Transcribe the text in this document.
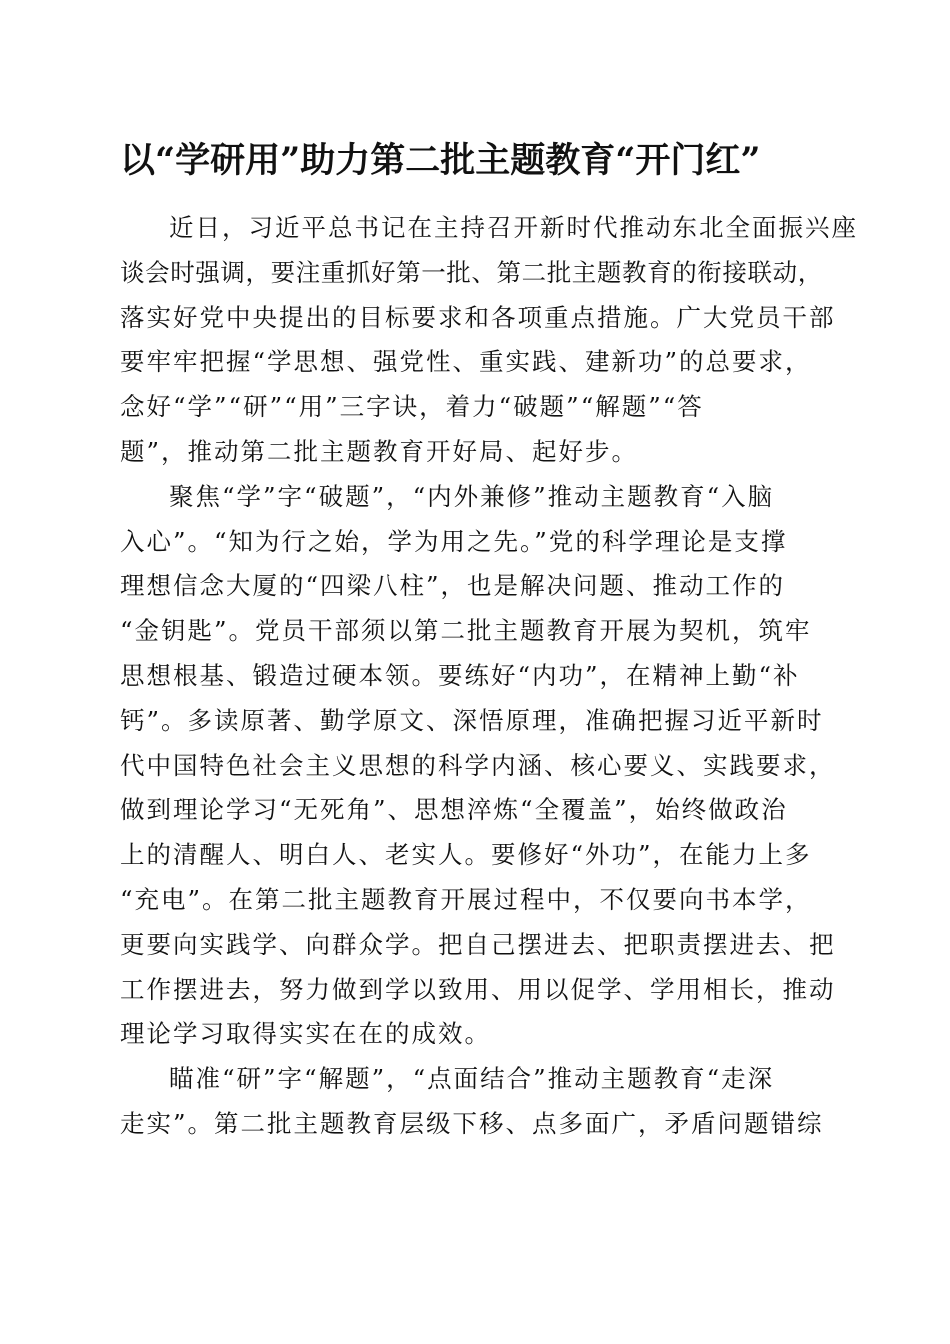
以“学研用”助力第二批主题教育“开门红”

近日，习近平总书记在主持召开新时代推动东北全面振兴座
谈会时强调，要注重抓好第一批、第二批主题教育的衔接联动，
落实好党中央提出的目标要求和各项重点措施。广大党员干部
要牢牢把握“学思想、强党性、重实践、建新功”的总要求，
念好“学”“研”“用”三字诀，着力“破题”“解题”“答
题”，推动第二批主题教育开好局、起好步。

聚焦“学”字“破题”，“内外兼修”推动主题教育“入脑
入心”。“知为行之始，学为用之先。”党的科学理论是支撑
理想信念大厦的“四梁八柱”，也是解决问题、推动工作的
“金钥匙”。党员干部须以第二批主题教育开展为契机，筑牢
思想根基、锻造过硬本领。要练好“内功”，在精神上勤“补
钙”。多读原著、勤学原文、深悟原理，准确把握习近平新时
代中国特色社会主义思想的科学内涵、核心要义、实践要求，
做到理论学习“无死角”、思想淬炼“全覆盖”，始终做政治
上的清醒人、明白人、老实人。要修好“外功”，在能力上多
“充电”。在第二批主题教育开展过程中，不仅要向书本学，
更要向实践学、向群众学。把自己摆进去、把职责摆进去、把
工作摆进去，努力做到学以致用、用以促学、学用相长，推动
理论学习取得实实在在的成效。

瞄准“研”字“解题”，“点面结合”推动主题教育“走深
走实”。第二批主题教育层级下移、点多面广，矛盾问题错综
